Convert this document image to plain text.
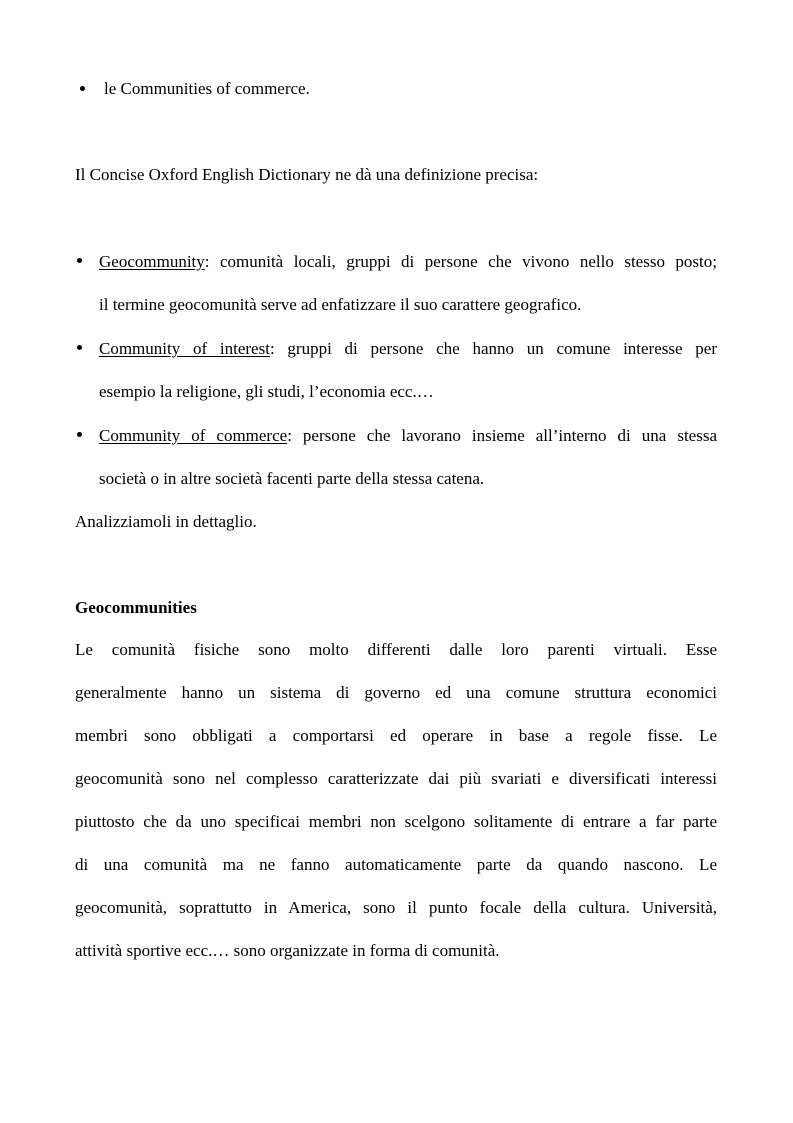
le Communities of commerce.
Il Concise Oxford English Dictionary ne dà una definizione precisa:
Geocommunity: comunità locali, gruppi di persone che vivono nello stesso posto;
il termine geocomunità serve ad enfatizzare il suo carattere geografico.
Community of interest: gruppi di persone che hanno un comune interesse per
esempio la religione, gli studi, l’economia ecc.…
Community of commerce: persone che lavorano insieme all’interno di una stessa
società o in altre società facenti parte della stessa catena.
Analizziamoli in dettaglio.
Geocommunities
Le comunità fisiche sono molto differenti dalle loro parenti virtuali. Esse
generalmente hanno un sistema di governo ed una comune struttura economici
membri sono obbligati a comportarsi ed operare in base a regole fisse. Le
geocomunità sono nel complesso caratterizzate dai più svariati e diversificati interessi
piuttosto che da uno specificai membri non scelgono solitamente di entrare a far parte
di una comunità ma ne fanno automaticamente parte da quando nascono. Le
geocomunità, soprattutto in America, sono il punto focale della cultura. Università,
attività sportive ecc.… sono organizzate in forma di comunità.
